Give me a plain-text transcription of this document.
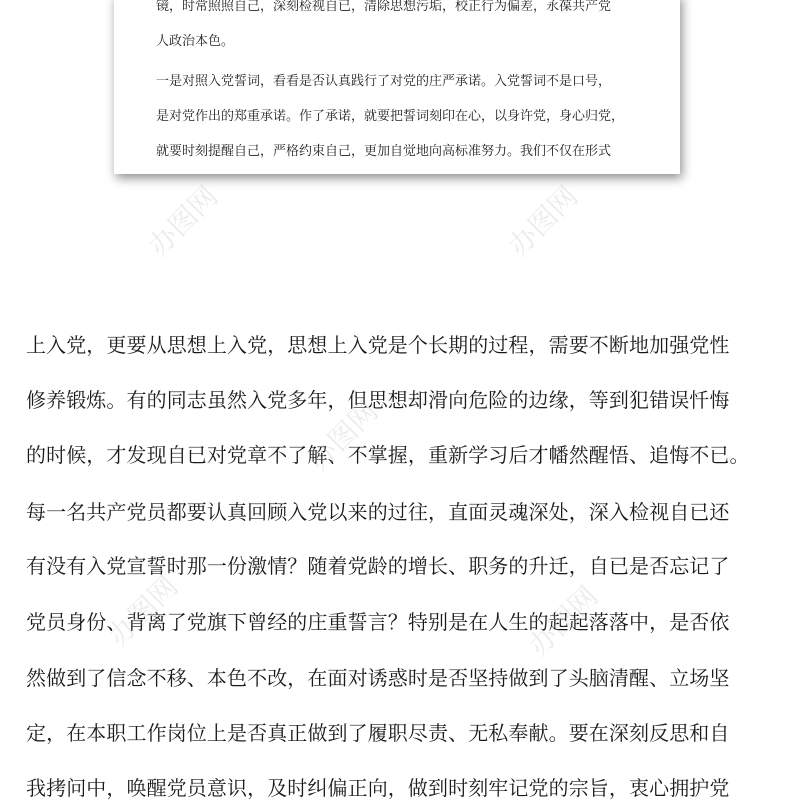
镜，时常照照自己，深刻检视自已，清除思想污垢，校正行为偏差，永葆共产党
人政治本色。
一是对照入党誓词，看看是否认真践行了对党的庄严承诺。入党誓词不是口号，
是对党作出的郑重承诺。作了承诺，就要把誓词刻印在心，以身许党，身心归党，
就要时刻提醒自己，严格约束自己，更加自觉地向高标准努力。我们不仅在形式
上入党，更要从思想上入党，思想上入党是个长期的过程，需要不断地加强党性
修养锻炼。有的同志虽然入党多年，但思想却滑向危险的边缘，等到犯错误忏悔
的时候，才发现自已对党章不了解、不掌握，重新学习后才幡然醒悟、追悔不已。
每一名共产党员都要认真回顾入党以来的过往，直面灵魂深处，深入检视自已还
有没有入党宣誓时那一份激情？随着党龄的增长、职务的升迁，自已是否忘记了
党员身份、背离了党旗下曾经的庄重誓言？特别是在人生的起起落落中，是否依
然做到了信念不移、本色不改，在面对诱惑时是否坚持做到了头脑清醒、立场坚
定，在本职工作岗位上是否真正做到了履职尽责、无私奉献。要在深刻反思和自
我拷问中，唤醒党员意识，及时纠偏正向，做到时刻牢记党的宗旨，衷心拥护党
办图网	办图网
办图网
办图网	办图网
